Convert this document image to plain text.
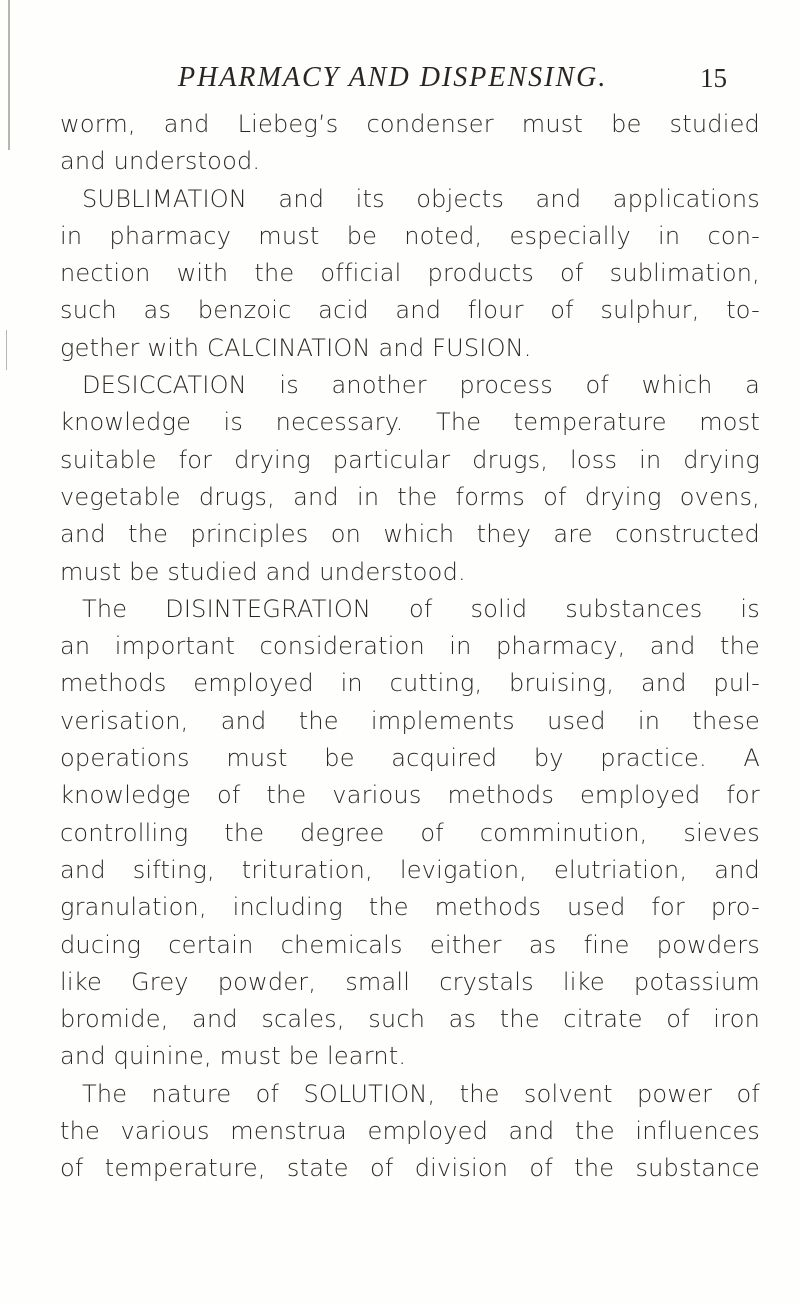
PHARMACY AND DISPENSING.	15
worm, and Liebeg’s condenser must be studied
and understood.
SUBLIMATION and its objects and applications
in pharmacy must be noted, especially in con-
nection with the official products of sublimation,
such as benzoic acid and flour of sulphur, to-
gether with CALCINATION and FUSION.
DESICCATION is another process of which a
knowledge is necessary. The temperature most
suitable for drying particular drugs, loss in drying
vegetable drugs, and in the forms of drying ovens,
and the principles on which they are constructed
must be studied and understood.
The DISINTEGRATION of solid substances is
an important consideration in pharmacy, and the
methods employed in cutting, bruising, and pul-
verisation, and the implements used in these
operations must be acquired by practice. A
knowledge of the various methods employed for
controlling the degree of comminution, sieves
and sifting, trituration, levigation, elutriation, and
granulation, including the methods used for pro-
ducing certain chemicals either as fine powders
like Grey powder, small crystals like potassium
bromide, and scales, such as the citrate of iron
and quinine, must be learnt.
The nature of SOLUTION, the solvent power of
the various menstrua employed and the influences
of temperature, state of division of the substance
